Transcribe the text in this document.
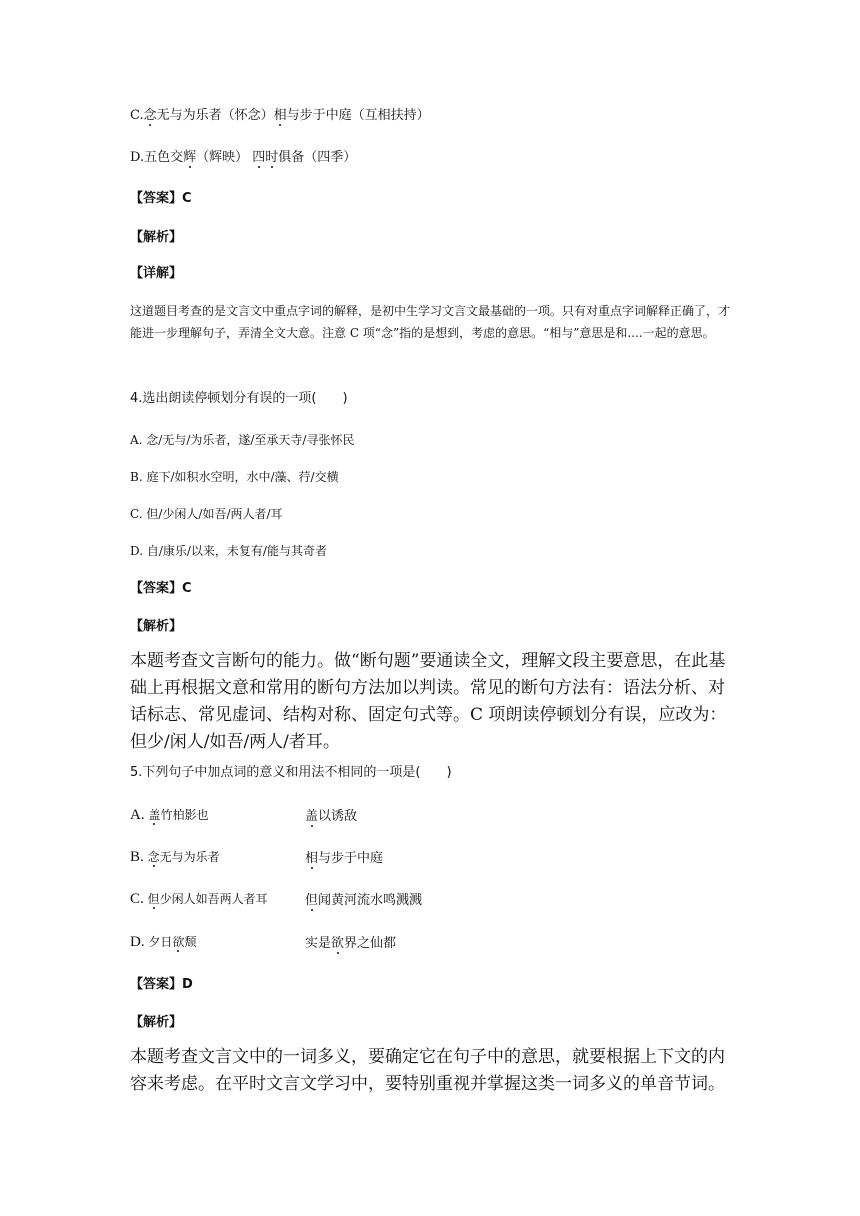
C.念无与为乐者（怀念）相与步于中庭（互相扶持）
D.五色交辉（辉映） 四时俱备（四季）
【答案】C
【解析】
【详解】
这道题目考查的是文言文中重点字词的解释，是初中生学习文言文最基础的一项。只有对重点字词解释正确了，才能进一步理解句子，弄清全文大意。注意 C 项“念”指的是想到，考虑的意思。“相与”意思是和....一起的意思。
4.选出朗读停顿划分有误的一项(　　)
A. 念/无与/为乐者，遂/至承天寺/寻张怀民
B. 庭下/如积水空明，水中/藻、荇/交横
C. 但/少闲人/如吾/两人者/耳
D. 自/康乐/以来，未复有/能与其奇者
【答案】C
【解析】
本题考查文言断句的能力。做“断句题”要通读全文，理解文段主要意思，在此基础上再根据文意和常用的断句方法加以判读。常见的断句方法有：语法分析、对话标志、常见虚词、结构对称、固定句式等。C 项朗读停顿划分有误，应改为：但少/闲人/如吾/两人/者耳。
5.下列句子中加点词的意义和用法不相同的一项是(　　)
A. 盖竹柏影也	盖以诱敌
B. 念无与为乐者	相与步于中庭
C. 但少闲人如吾两人者耳	但闻黄河流水鸣溅溅
D. 夕日欲颓	实是欲界之仙都
【答案】D
【解析】
本题考查文言文中的一词多义，要确定它在句子中的意思，就要根据上下文的内容来考虑。在平时文言文学习中，要特别重视并掌握这类一词多义的单音节词。
